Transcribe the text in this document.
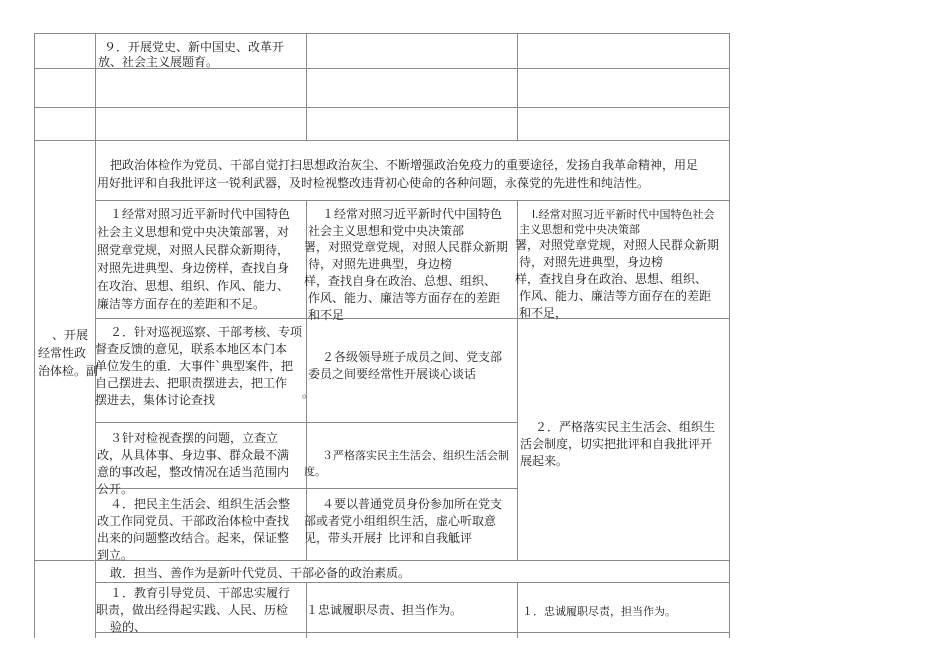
９．开展党史、新中国史、改革开

放、社会主义展题育。

、开展

经常性政

治体检。副

把政治体检作为党员、干部自觉打扫思想政治灰尘、不断增强政治免疫力的重要途径，发扬自我革命精神，用足

用好批评和自我批评这一锐利武器，及时检视整改违背初心使命的各种问题，永葆党的先进性和纯洁性。

１经常对照习近平新时代中国特色

社会主义思想和党中央决策部署，对

照党章党规，对照人民群众新期待，

对照先进典型、身边傍样，查找自身

在攻治、思想、组织、作风、能力、

廉洁等方面存在的差距和不足。

１经常对照习近平新时代中国特色

社会主义思想和党中央决策部

署，对照党章党规，对照人民群众新期

待，对照先进典型，身边榜

样，查找自身在政治、总想、组织、

作风、能力、廉洁等方面存在的差距

和不足

l.经常对照习近平新时代中国特色社会

主义思想和党中央决策部

署，对照党章党规，对照人民群众新期

待，对照先进典型，身边榜

样，查找自身在政治、思想、组织、

作风、能力、廉洁等方面存在的差距

和不足，

２．针对巡视巡察、干部考核、专项

督查反馈的意见，联系本地区本门本

单位发生的重．大事件`典型案件，把

自己摆进去、把职责摆进去，把工作

摆进去，集体讨论查找

２各级领导班子成员之间、党支部

委员之间要经常性开展谈心谈话

。

２．严格落实民主生活会、组织生

活会制度，切实把批评和自我批评开

展起来。

３针对检视查摆的问题，立查立

改，从具体事、身边事、群众最不满

意的事改起，整改情况在适当范围内

公开。

３严格落实民主生活会、组织生活会制

度。

４．把民主生活会、组织生活会整

改工作同党员、干部政治体检中查找

出来的问题整改结合。起来，保证整

到立。

４要以普通党员身份参加所在党支

部或者党小组组织生活，虚心听取意

见，带头开展扌比评和自我觝评

敢．担当、善作为是新叶代党员、干部必备的政治素质。

１．教育引导党员、干部忠实履行

职责，做出经得起实践、人民、历检

验的、

１忠诚履职尽责、担当作为。	１．忠诚履职尽责，担当作为。
